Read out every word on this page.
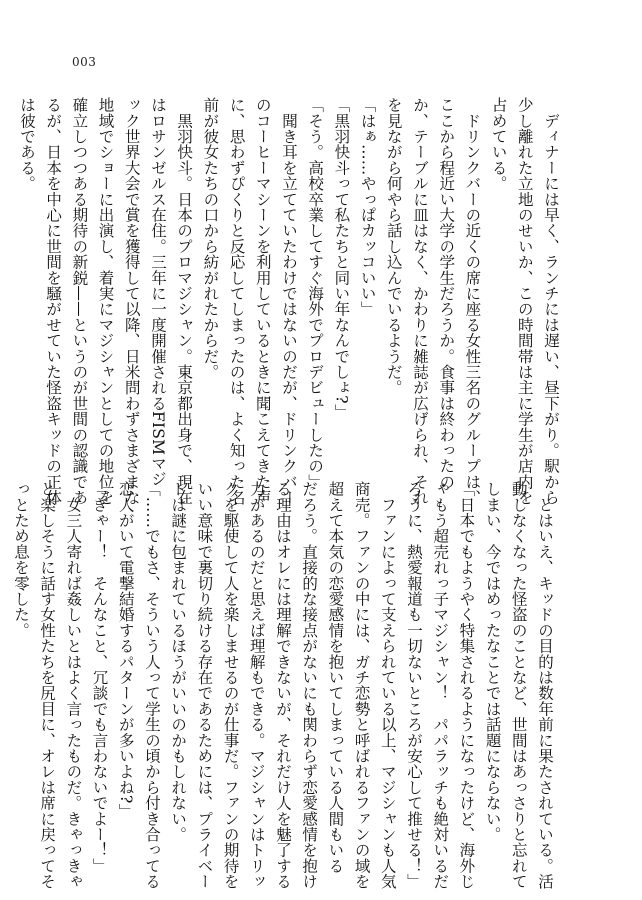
003
　ディナーには早く、ランチには遅い、昼下がり。駅から
少し離れた立地のせいか、この時間帯は主に学生が店内を
占めている。
　ドリンクバーの近くの席に座る女性三名のグループは、
ここから程近い大学の学生だろうか。食事は終わったの
か、テーブルに皿はなく、かわりに雑誌が広げられ、それ
を見ながら何やら話し込んでいるようだ。
「はぁ……やっぱカッコいい」
「黒羽快斗って私たちと同い年なんでしょ?」
「そう。高校卒業してすぐ海外でプロデビューしたの」
　聞き耳を立てていたわけではないのだが、ドリンクバー
のコーヒーマシーンを利用しているときに聞こえてきた声
に、思わずぴくりと反応してしまったのは、よく知った名
前が彼女たちの口から紡がれたからだ。
　黒羽快斗。日本のプロマジシャン。東京都出身で、現在
はロサンゼルス在住。三年に一度開催されるFISMマジ
ック世界大会で賞を獲得して以降、日米問わずさまざまな
地域でショーに出演し、着実にマジシャンとしての地位を
確立しつつある期待の新鋭——というのが世間の認識であ
るが、日本を中心に世間を騒がせていた怪盗キッドの正体
は彼である。
　とはいえ、キッドの目的は数年前に果たされている。活
動しなくなった怪盗のことなど、世間はあっさりと忘れて
しまい、今ではめったなことでは話題にならない。
「日本でもようやく特集されるようになったけど、海外じ
ゃもう超売れっ子マジシャン！　パパラッチも絶対いるだ
ろうに、熱愛報道も一切ないところが安心して推せる！」
　ファンによって支えられている以上、マジシャンも人気
商売。ファンの中には、ガチ恋勢と呼ばれるファンの域を
超えて本気の恋愛感情を抱いてしまっている人間もいる
だろう。直接的な接点がないにも関わらず恋愛感情を抱け
る理由はオレには理解できないが、それだけ人を魅了する
力があるのだと思えば理解もできる。マジシャンはトリッ
クを駆使して人を楽しませるのが仕事だ。ファンの期待を
いい意味で裏切り続ける存在であるためには、プライベー
トは謎に包まれているほうがいいのかもしれない。
「……でもさ、そういう人って学生の頃から付き合ってる
恋人がいて電撃結婚するパターンが多いよね?」
「ぎゃー！　そんなこと、冗談でも言わないでよー！」
　女三人寄れば姦しいとはよく言ったものだ。きゃっきゃ
と楽しそうに話す女性たちを尻目に、オレは席に戻ってそ
っとため息を零した。
